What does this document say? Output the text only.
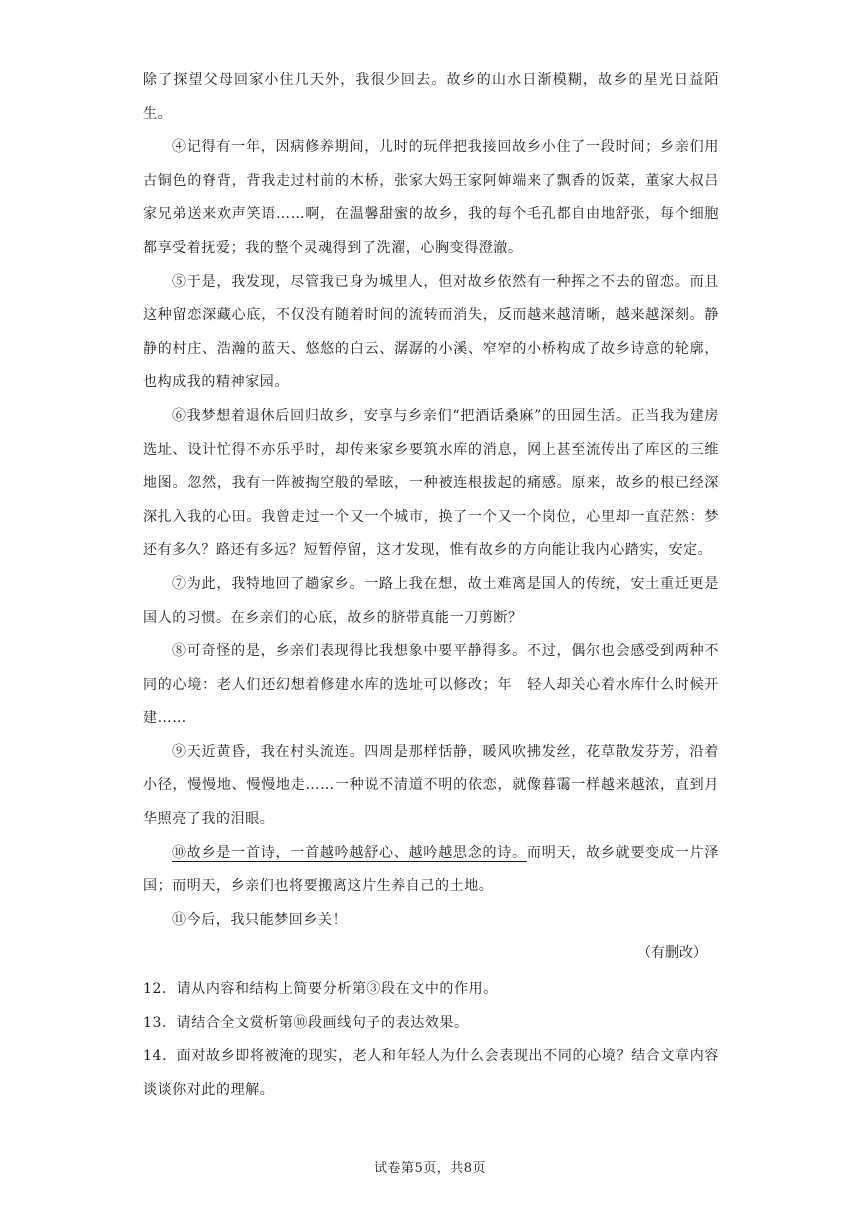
除了探望父母回家小住几天外，我很少回去。故乡的山水日渐模糊，故乡的星光日益陌生。

④记得有一年，因病修养期间，儿时的玩伴把我接回故乡小住了一段时间；乡亲们用古铜色的脊背，背我走过村前的木桥，张家大妈王家阿婶端来了飘香的饭菜，董家大叔吕家兄弟送来欢声笑语……啊，在温馨甜蜜的故乡，我的每个毛孔都自由地舒张，每个细胞都享受着抚爱；我的整个灵魂得到了洗濯，心胸变得澄澈。

⑤于是，我发现，尽管我已身为城里人，但对故乡依然有一种挥之不去的留恋。而且这种留恋深藏心底，不仅没有随着时间的流转而消失，反而越来越清晰，越来越深刻。静静的村庄、浩瀚的蓝天、悠悠的白云、潺潺的小溪、窄窄的小桥构成了故乡诗意的轮廓，也构成我的精神家园。

⑥我梦想着退休后回归故乡，安享与乡亲们“把酒话桑麻”的田园生活。正当我为建房选址、设计忙得不亦乐乎时，却传来家乡要筑水库的消息，网上甚至流传出了库区的三维地图。忽然，我有一阵被掏空般的晕眩，一种被连根拔起的痛感。原来，故乡的根已经深深扎入我的心田。我曾走过一个又一个城市，换了一个又一个岗位，心里却一直茫然：梦还有多久？路还有多远？短暂停留，这才发现，惟有故乡的方向能让我内心踏实，安定。

⑦为此，我特地回了趟家乡。一路上我在想，故土难离是国人的传统，安土重迁更是国人的习惯。在乡亲们的心底，故乡的脐带真能一刀剪断？

⑧可奇怪的是，乡亲们表现得比我想象中要平静得多。不过，偶尔也会感受到两种不同的心境：老人们还幻想着修建水库的选址可以修改；年　轻人却关心着水库什么时候开建……

⑨天近黄昏，我在村头流连。四周是那样恬静，暖风吹拂发丝，花草散发芬芳，沿着小径，慢慢地、慢慢地走……一种说不清道不明的依恋，就像暮霭一样越来越浓，直到月华照亮了我的泪眼。

⑩故乡是一首诗，一首越吟越舒心、越吟越思念的诗。而明天，故乡就要变成一片泽国；而明天，乡亲们也将要搬离这片生养自己的土地。

⑪今后，我只能梦回乡关！

（有删改）

12．请从内容和结构上简要分析第③段在文中的作用。

13．请结合全文赏析第⑩段画线句子的表达效果。

14．面对故乡即将被淹的现实，老人和年轻人为什么会表现出不同的心境？结合文章内容谈谈你对此的理解。

试卷第5页，共8页
